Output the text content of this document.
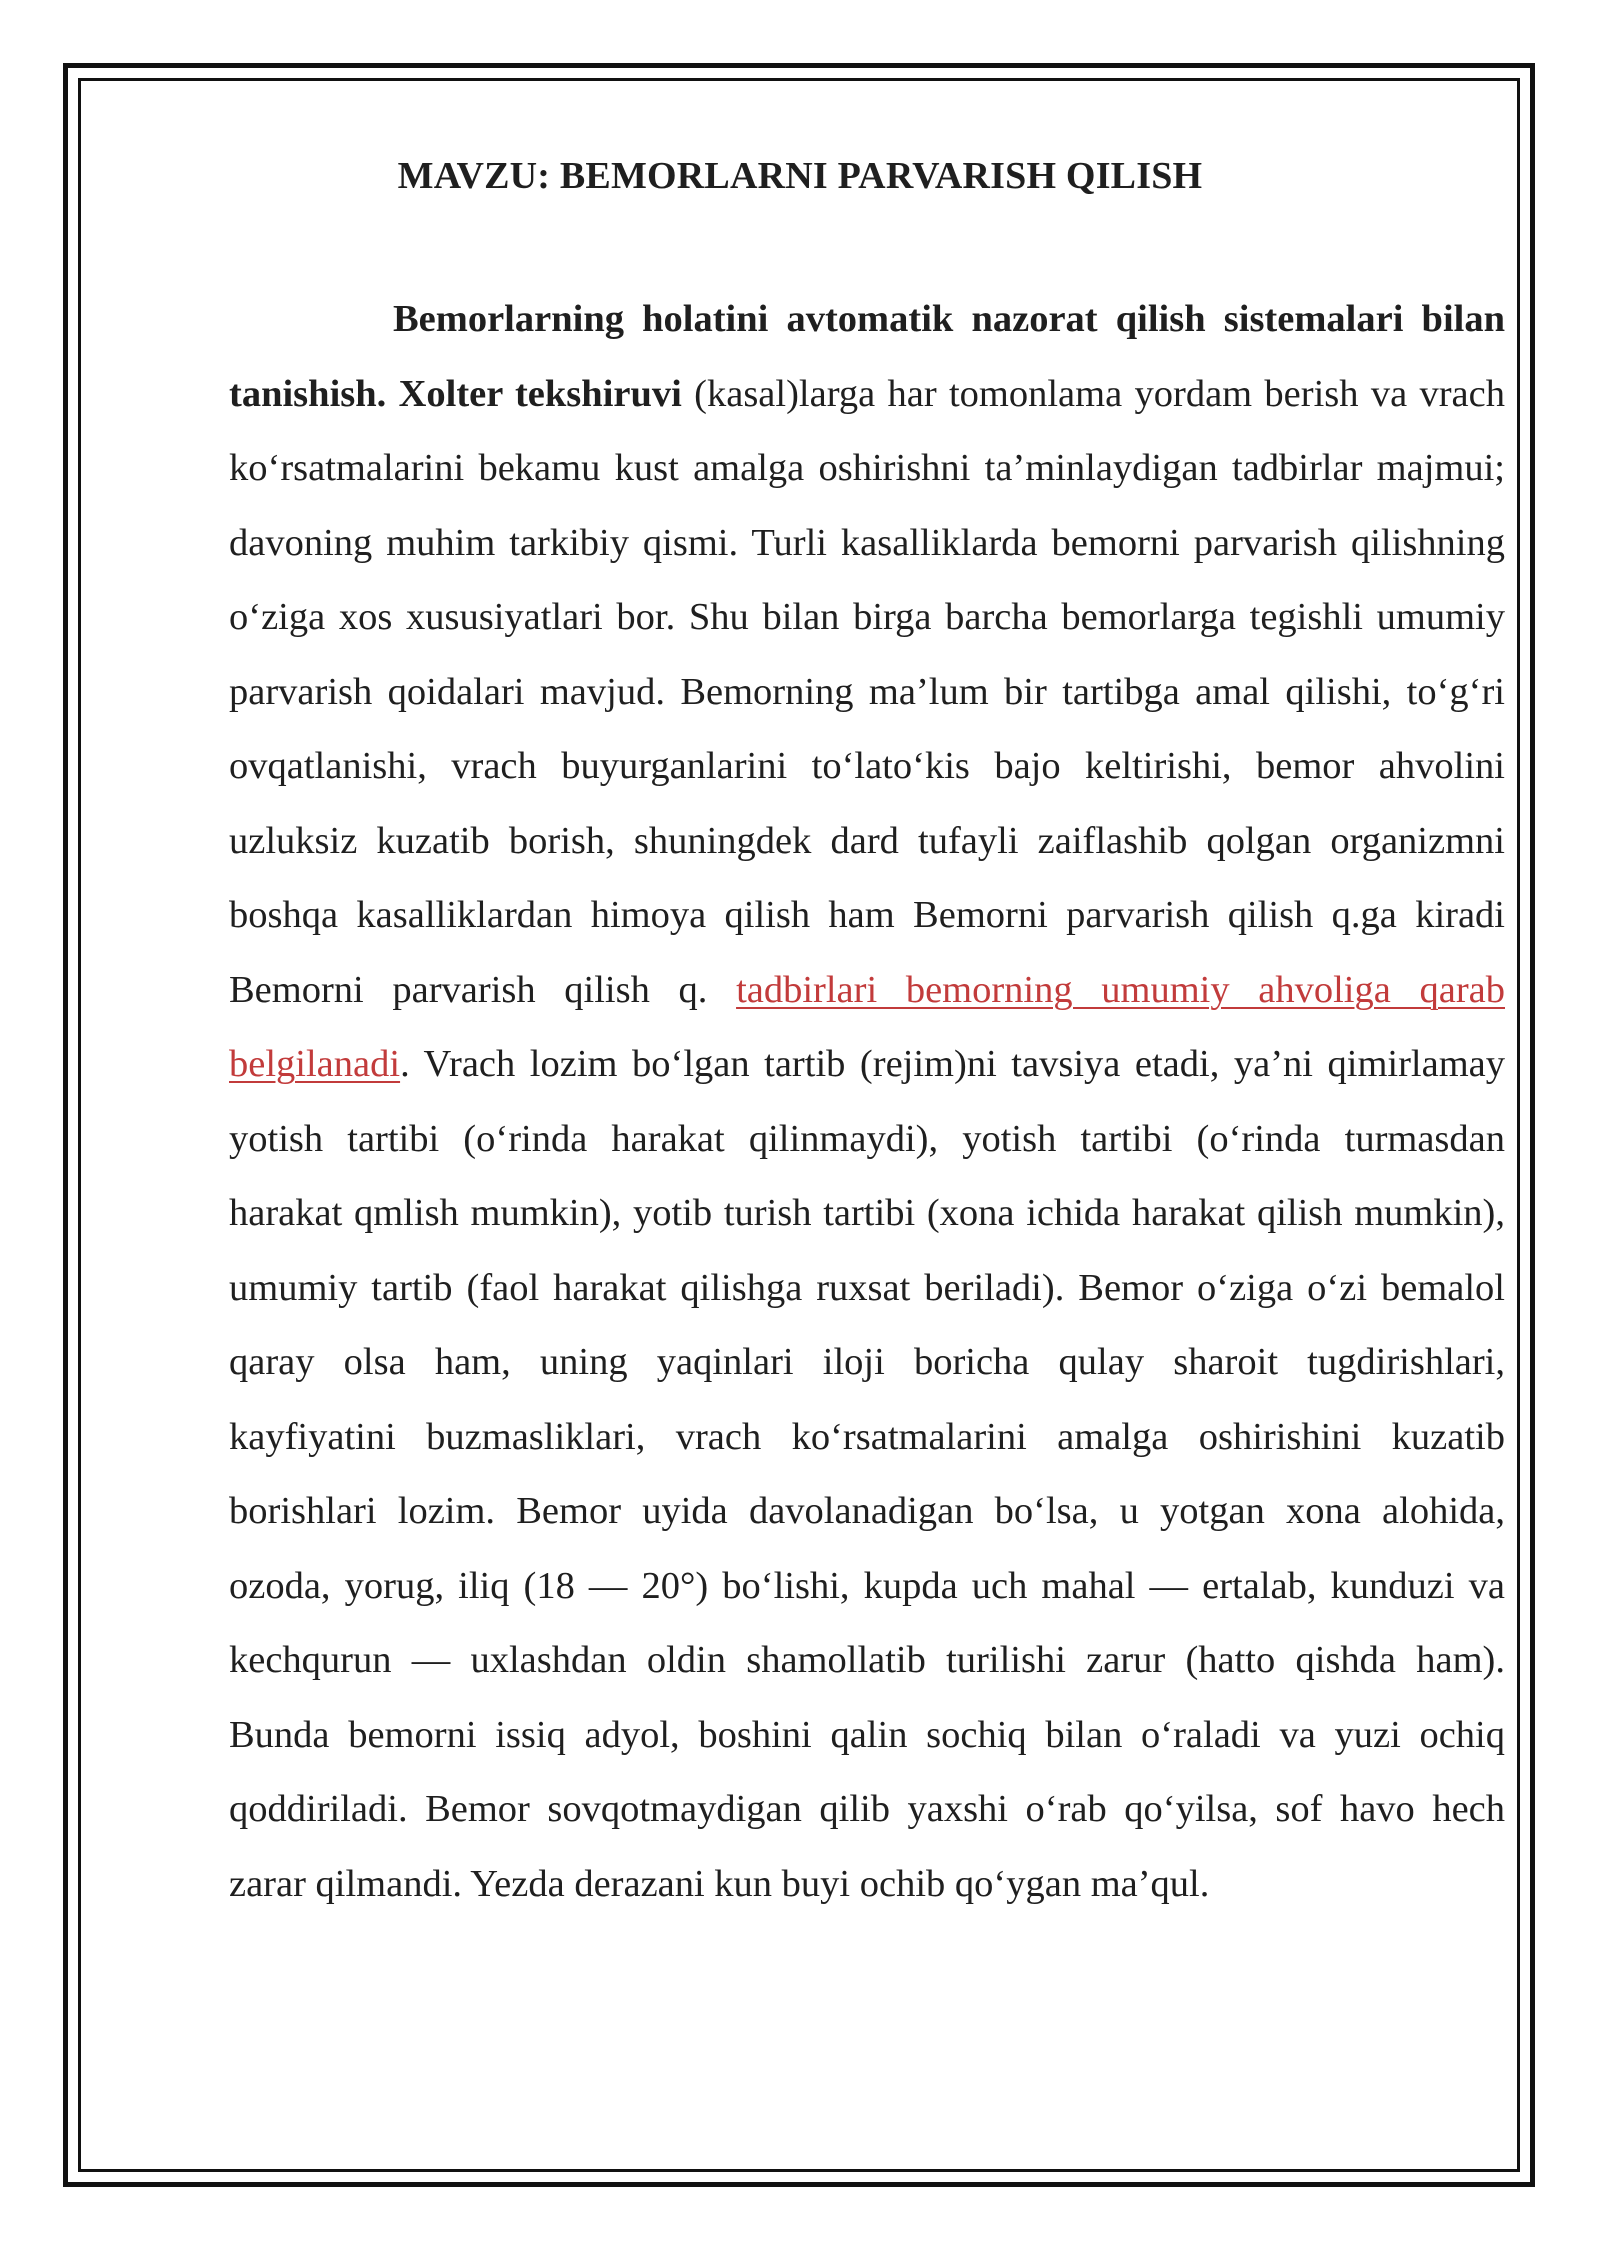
MAVZU: BEMORLARNI PARVARISH QILISH

Bemorlarning holatini avtomatik nazorat qilish sistemalari bilan tanishish. Xolter tekshiruvi (kasal)larga har tomonlama yordam berish va vrach ko‘rsatmalarini bekamu kust amalga oshirishni ta’minlaydigan tadbirlar majmui; davoning muhim tarkibiy qismi. Turli kasalliklarda bemorni parvarish qilishning o‘ziga xos xususiyatlari bor. Shu bilan birga barcha bemorlarga tegishli umumiy parvarish qoidalari mavjud. Bemorning ma’lum bir tartibga amal qilishi, to‘g‘ri ovqatlanishi, vrach buyurganlarini to‘lato‘kis bajo keltirishi, bemor ahvolini uzluksiz kuzatib borish, shuningdek dard tufayli zaiflashib qolgan organizmni boshqa kasalliklardan himoya qilish ham Bemorni parvarish qilish q.ga kiradi Bemorni parvarish qilish q. tadbirlari bemorning umumiy ahvoliga qarab belgilanadi. Vrach lozim bo‘lgan tartib (rejim)ni tavsiya etadi, ya’ni qimirlamay yotish tartibi (o‘rinda harakat qilinmaydi), yotish tartibi (o‘rinda turmasdan harakat qmlish mumkin), yotib turish tartibi (xona ichida harakat qilish mumkin), umumiy tartib (faol harakat qilishga ruxsat beriladi). Bemor o‘ziga o‘zi bemalol qaray olsa ham, uning yaqinlari iloji boricha qulay sharoit tugdirishlari, kayfiyatini buzmasliklari, vrach ko‘rsatmalarini amalga oshirishini kuzatib borishlari lozim. Bemor uyida davolanadigan bo‘lsa, u yotgan xona alohida, ozoda, yorug, iliq (18 — 20°) bo‘lishi, kupda uch mahal — ertalab, kunduzi va kechqurun — uxlashdan oldin shamollatib turilishi zarur (hatto qishda ham). Bunda bemorni issiq adyol, boshini qalin sochiq bilan o‘raladi va yuzi ochiq qoddiriladi. Bemor sovqotmaydigan qilib yaxshi o‘rab qo‘yilsa, sof havo hech zarar qilmandi. Yezda derazani kun buyi ochib qo‘ygan ma’qul.
